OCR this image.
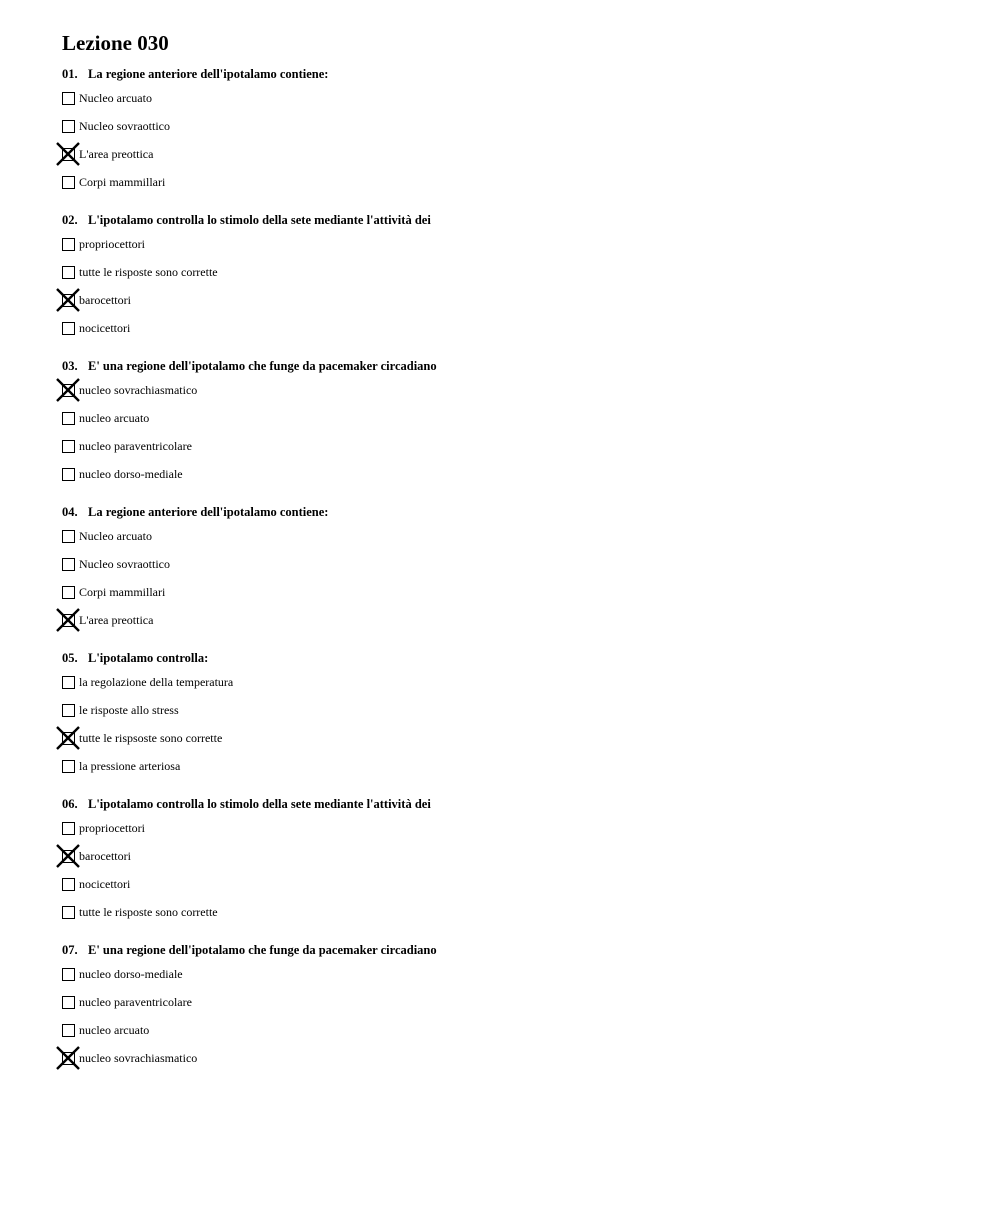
Lezione 030
01. La regione anteriore dell'ipotalamo contiene:
Nucleo arcuato
Nucleo sovraottico
L'area preottica
Corpi mammillari
02. L'ipotalamo controlla lo stimolo della sete mediante l'attività dei
propriocettori
tutte le risposte sono corrette
barocettori
nocicettori
03. E' una regione dell'ipotalamo che funge da pacemaker circadiano
nucleo sovrachiasmatico
nucleo arcuato
nucleo paraventricolare
nucleo dorso-mediale
04. La regione anteriore dell'ipotalamo contiene:
Nucleo arcuato
Nucleo sovraottico
Corpi mammillari
L'area preottica
05. L'ipotalamo controlla:
la regolazione della temperatura
le risposte allo stress
tutte le rispsoste sono corrette
la pressione arteriosa
06. L'ipotalamo controlla lo stimolo della sete mediante l'attività dei
propriocettori
barocettori
nocicettori
tutte le risposte sono corrette
07. E' una regione dell'ipotalamo che funge da pacemaker circadiano
nucleo dorso-mediale
nucleo paraventricolare
nucleo arcuato
nucleo sovrachiasmatico
